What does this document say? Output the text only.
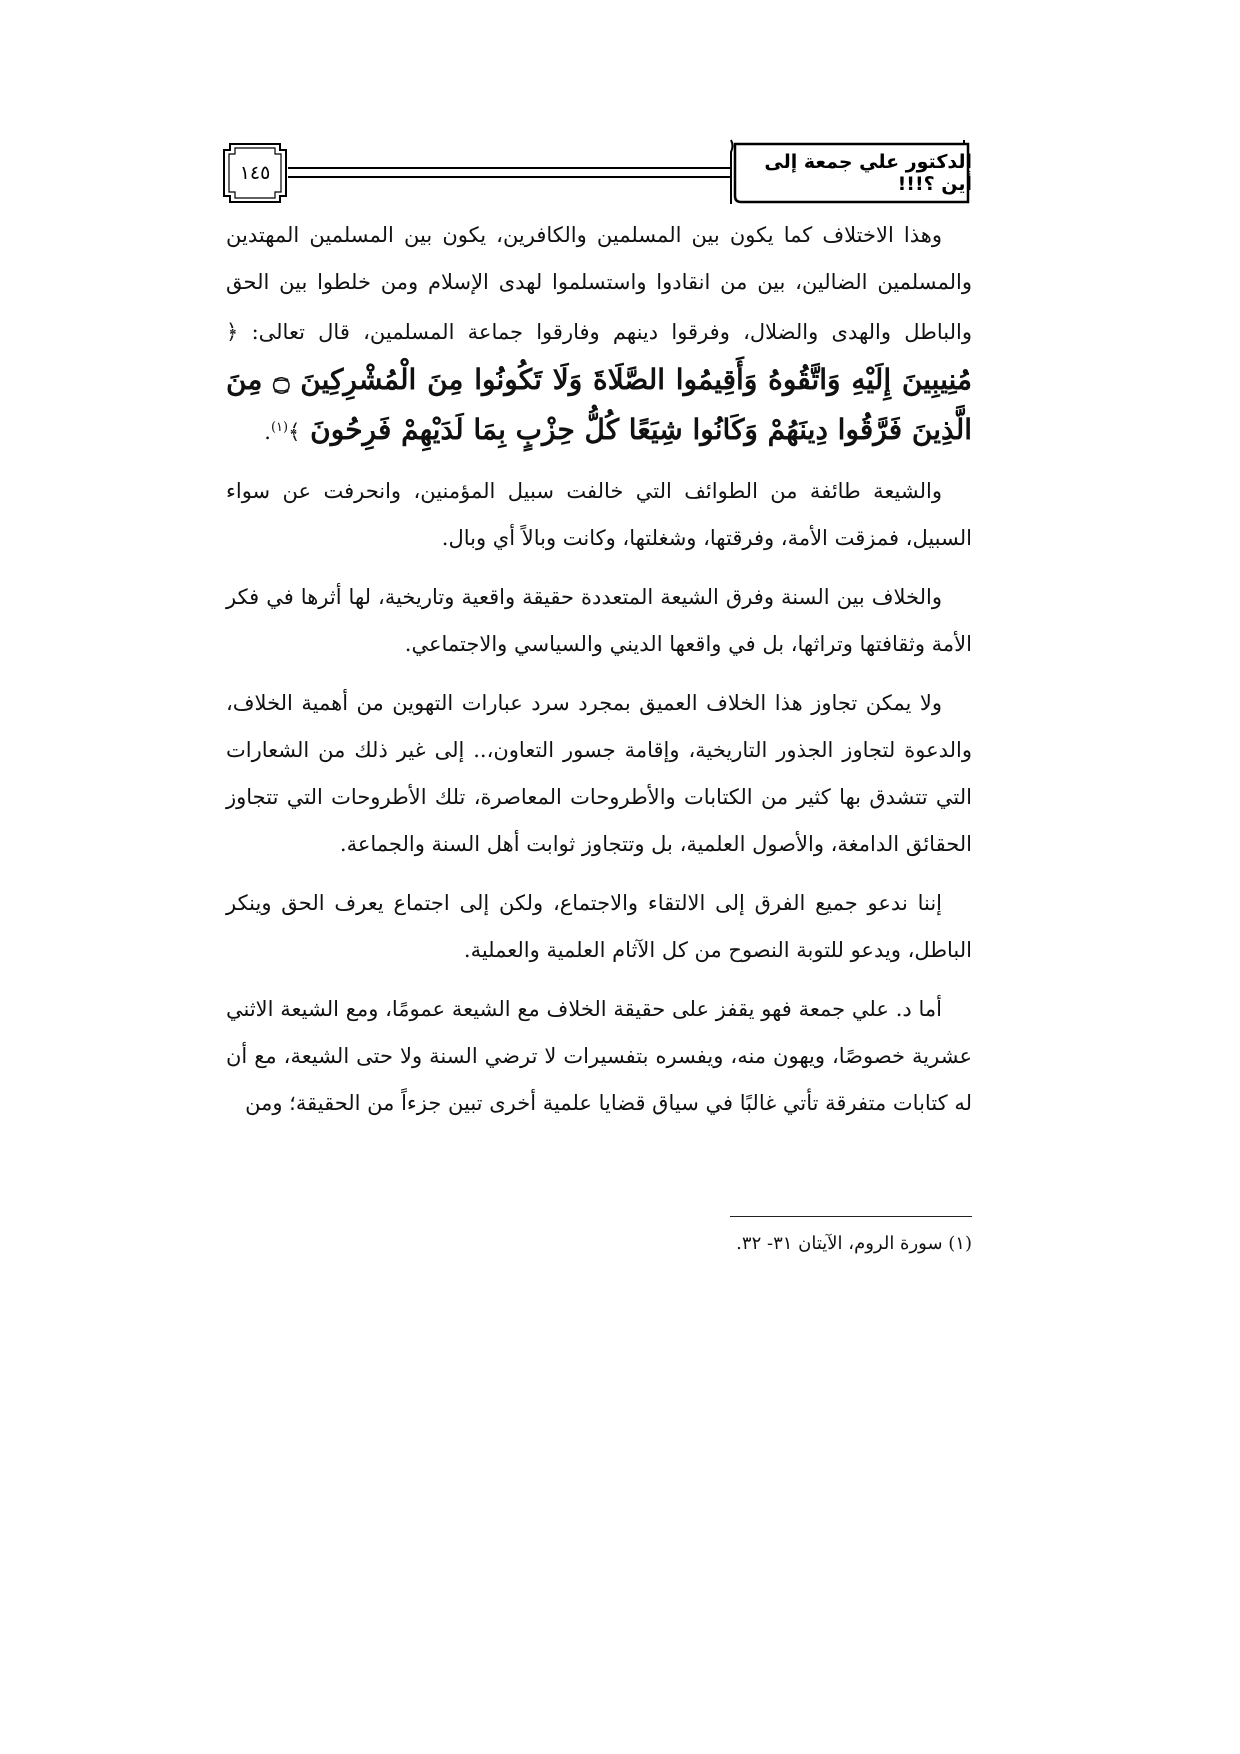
الدكتور علي جمعة إلى أين ؟!!!
١٤٥

وهذا الاختلاف كما يكون بين المسلمين والكافرين، يكون بين المسلمين المهتدين والمسلمين الضالين، بين من انقادوا واستسلموا لهدى الإسلام ومن خلطوا بين الحق والباطل والهدى والضلال، وفرقوا دينهم وفارقوا جماعة المسلمين، قال تعالى: ﴿ مُنِيبِينَ إِلَيْهِ وَاتَّقُوهُ وَأَقِيمُوا الصَّلَاةَ وَلَا تَكُونُوا مِنَ الْمُشْرِكِينَ ۝ مِنَ الَّذِينَ فَرَّقُوا دِينَهُمْ وَكَانُوا شِيَعًا كُلُّ حِزْبٍ بِمَا لَدَيْهِمْ فَرِحُونَ ﴾$^{(١)}$.

والشيعة طائفة من الطوائف التي خالفت سبيل المؤمنين، وانحرفت عن سواء السبيل، فمزقت الأمة، وفرقتها، وشغلتها، وكانت وبالاً أي وبال.

والخلاف بين السنة وفرق الشيعة المتعددة حقيقة واقعية وتاريخية، لها أثرها في فكر الأمة وثقافتها وتراثها، بل في واقعها الديني والسياسي والاجتماعي.

ولا يمكن تجاوز هذا الخلاف العميق بمجرد سرد عبارات التهوين من أهمية الخلاف، والدعوة لتجاوز الجذور التاريخية، وإقامة جسور التعاون،.. إلى غير ذلك من الشعارات التي تتشدق بها كثير من الكتابات والأطروحات المعاصرة، تلك الأطروحات التي تتجاوز الحقائق الدامغة، والأصول العلمية، بل وتتجاوز ثوابت أهل السنة والجماعة.

إننا ندعو جميع الفرق إلى الالتقاء والاجتماع، ولكن إلى اجتماع يعرف الحق وينكر الباطل، ويدعو للتوبة النصوح من كل الآثام العلمية والعملية.

أما د. علي جمعة فهو يقفز على حقيقة الخلاف مع الشيعة عمومًا، ومع الشيعة الاثني عشرية خصوصًا، ويهون منه، ويفسره بتفسيرات لا ترضي السنة ولا حتى الشيعة، مع أن له كتابات متفرقة تأتي غالبًا في سياق قضايا علمية أخرى تبين جزءاً من الحقيقة؛ ومن

(١) سورة الروم، الآيتان ٣١- ٣٢.
